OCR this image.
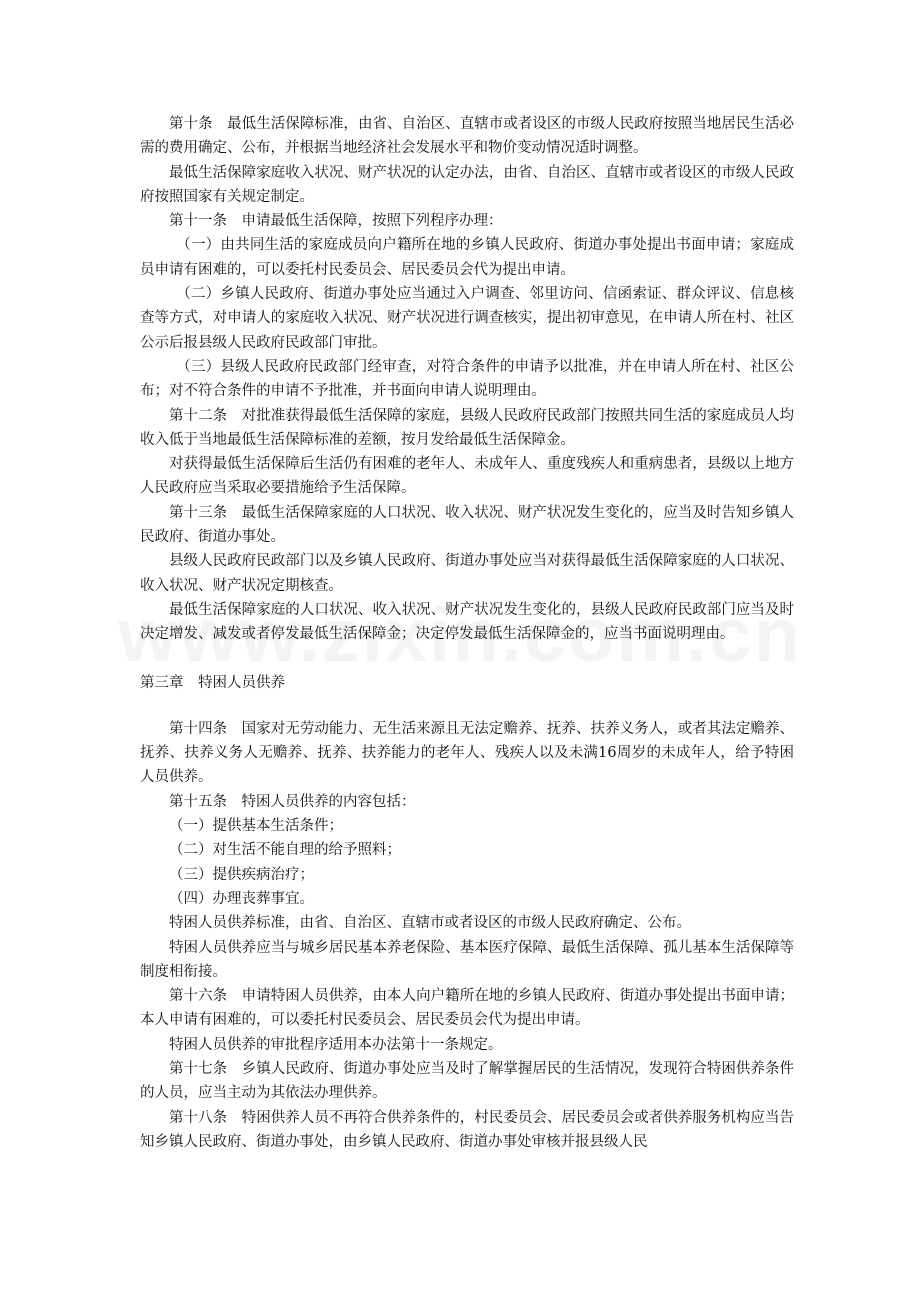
第十条　最低生活保障标准，由省、自治区、直辖市或者设区的市级人民政府按照当地居民生活必需的费用确定、公布，并根据当地经济社会发展水平和物价变动情况适时调整。

最低生活保障家庭收入状况、财产状况的认定办法，由省、自治区、直辖市或者设区的市级人民政府按照国家有关规定制定。

第十一条　申请最低生活保障，按照下列程序办理：

（一）由共同生活的家庭成员向户籍所在地的乡镇人民政府、街道办事处提出书面申请；家庭成员申请有困难的，可以委托村民委员会、居民委员会代为提出申请。

（二）乡镇人民政府、街道办事处应当通过入户调查、邻里访问、信函索证、群众评议、信息核查等方式，对申请人的家庭收入状况、财产状况进行调查核实，提出初审意见，在申请人所在村、社区公示后报县级人民政府民政部门审批。

（三）县级人民政府民政部门经审查，对符合条件的申请予以批准，并在申请人所在村、社区公布；对不符合条件的申请不予批准，并书面向申请人说明理由。

第十二条　对批准获得最低生活保障的家庭，县级人民政府民政部门按照共同生活的家庭成员人均收入低于当地最低生活保障标准的差额，按月发给最低生活保障金。

对获得最低生活保障后生活仍有困难的老年人、未成年人、重度残疾人和重病患者，县级以上地方人民政府应当采取必要措施给予生活保障。

第十三条　最低生活保障家庭的人口状况、收入状况、财产状况发生变化的，应当及时告知乡镇人民政府、街道办事处。

县级人民政府民政部门以及乡镇人民政府、街道办事处应当对获得最低生活保障家庭的人口状况、收入状况、财产状况定期核查。

最低生活保障家庭的人口状况、收入状况、财产状况发生变化的，县级人民政府民政部门应当及时决定增发、减发或者停发最低生活保障金；决定停发最低生活保障金的，应当书面说明理由。

第三章　特困人员供养

第十四条　国家对无劳动能力、无生活来源且无法定赡养、抚养、扶养义务人，或者其法定赡养、抚养、扶养义务人无赡养、抚养、扶养能力的老年人、残疾人以及未满16周岁的未成年人，给予特困人员供养。

第十五条　特困人员供养的内容包括：

（一）提供基本生活条件；

（二）对生活不能自理的给予照料；

（三）提供疾病治疗；

（四）办理丧葬事宜。

特困人员供养标准，由省、自治区、直辖市或者设区的市级人民政府确定、公布。

特困人员供养应当与城乡居民基本养老保险、基本医疗保障、最低生活保障、孤儿基本生活保障等制度相衔接。

第十六条　申请特困人员供养，由本人向户籍所在地的乡镇人民政府、街道办事处提出书面申请；本人申请有困难的，可以委托村民委员会、居民委员会代为提出申请。

特困人员供养的审批程序适用本办法第十一条规定。

第十七条　乡镇人民政府、街道办事处应当及时了解掌握居民的生活情况，发现符合特困供养条件的人员，应当主动为其依法办理供养。

第十八条　特困供养人员不再符合供养条件的，村民委员会、居民委员会或者供养服务机构应当告知乡镇人民政府、街道办事处，由乡镇人民政府、街道办事处审核并报县级人民
